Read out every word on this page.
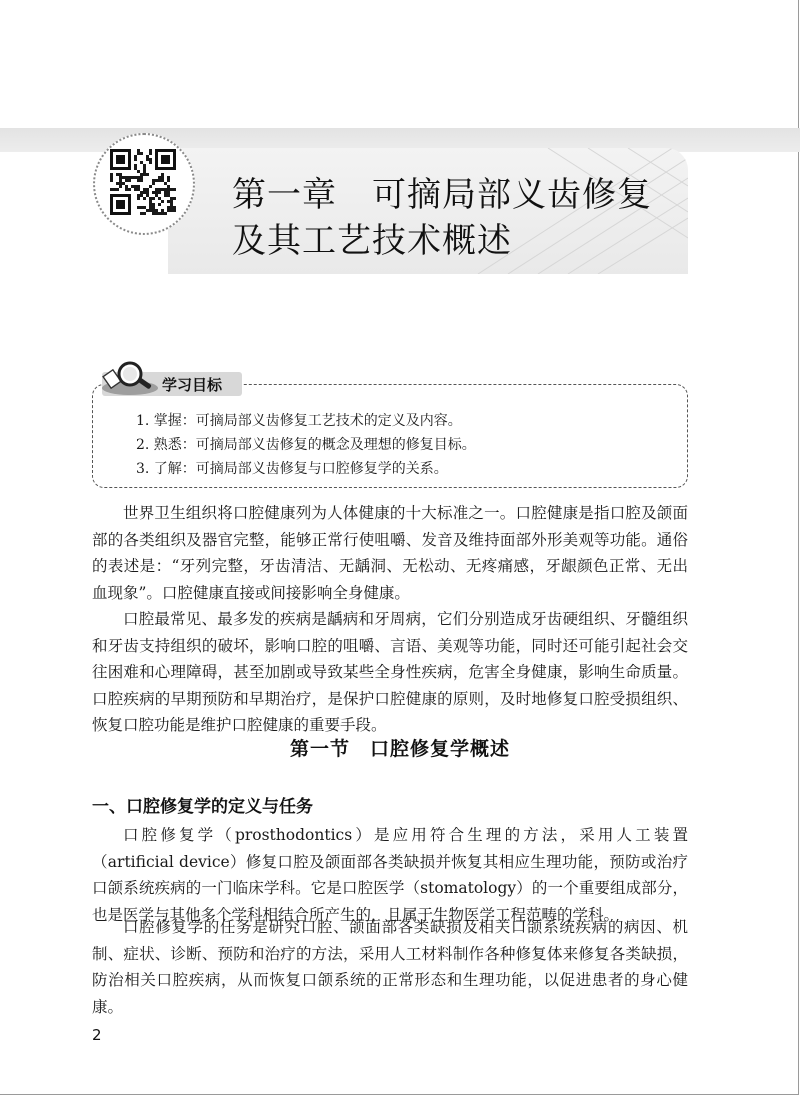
第一章　可摘局部义齿修复及其工艺技术概述
学习目标
1. 掌握：可摘局部义齿修复工艺技术的定义及内容。
2. 熟悉：可摘局部义齿修复的概念及理想的修复目标。
3. 了解：可摘局部义齿修复与口腔修复学的关系。

世界卫生组织将口腔健康列为人体健康的十大标准之一。口腔健康是指口腔及颌面部的各类组织及器官完整，能够正常行使咀嚼、发音及维持面部外形美观等功能。通俗的表述是：“牙列完整，牙齿清洁、无龋洞、无松动、无疼痛感，牙龈颜色正常、无出血现象”。口腔健康直接或间接影响全身健康。

口腔最常见、最多发的疾病是龋病和牙周病，它们分别造成牙齿硬组织、牙髓组织和牙齿支持组织的破坏，影响口腔的咀嚼、言语、美观等功能，同时还可能引起社会交往困难和心理障碍，甚至加剧或导致某些全身性疾病，危害全身健康，影响生命质量。口腔疾病的早期预防和早期治疗，是保护口腔健康的原则，及时地修复口腔受损组织、恢复口腔功能是维护口腔健康的重要手段。

第一节　口腔修复学概述
一、口腔修复学的定义与任务

口腔修复学（prosthodontics）是应用符合生理的方法，采用人工装置（artificial device）修复口腔及颌面部各类缺损并恢复其相应生理功能，预防或治疗口颌系统疾病的一门临床学科。它是口腔医学（stomatology）的一个重要组成部分，也是医学与其他多个学科相结合所产生的，且属于生物医学工程范畴的学科。

口腔修复学的任务是研究口腔、颌面部各类缺损及相关口颌系统疾病的病因、机制、症状、诊断、预防和治疗的方法，采用人工材料制作各种修复体来修复各类缺损，防治相关口腔疾病，从而恢复口颌系统的正常形态和生理功能，以促进患者的身心健康。

2
